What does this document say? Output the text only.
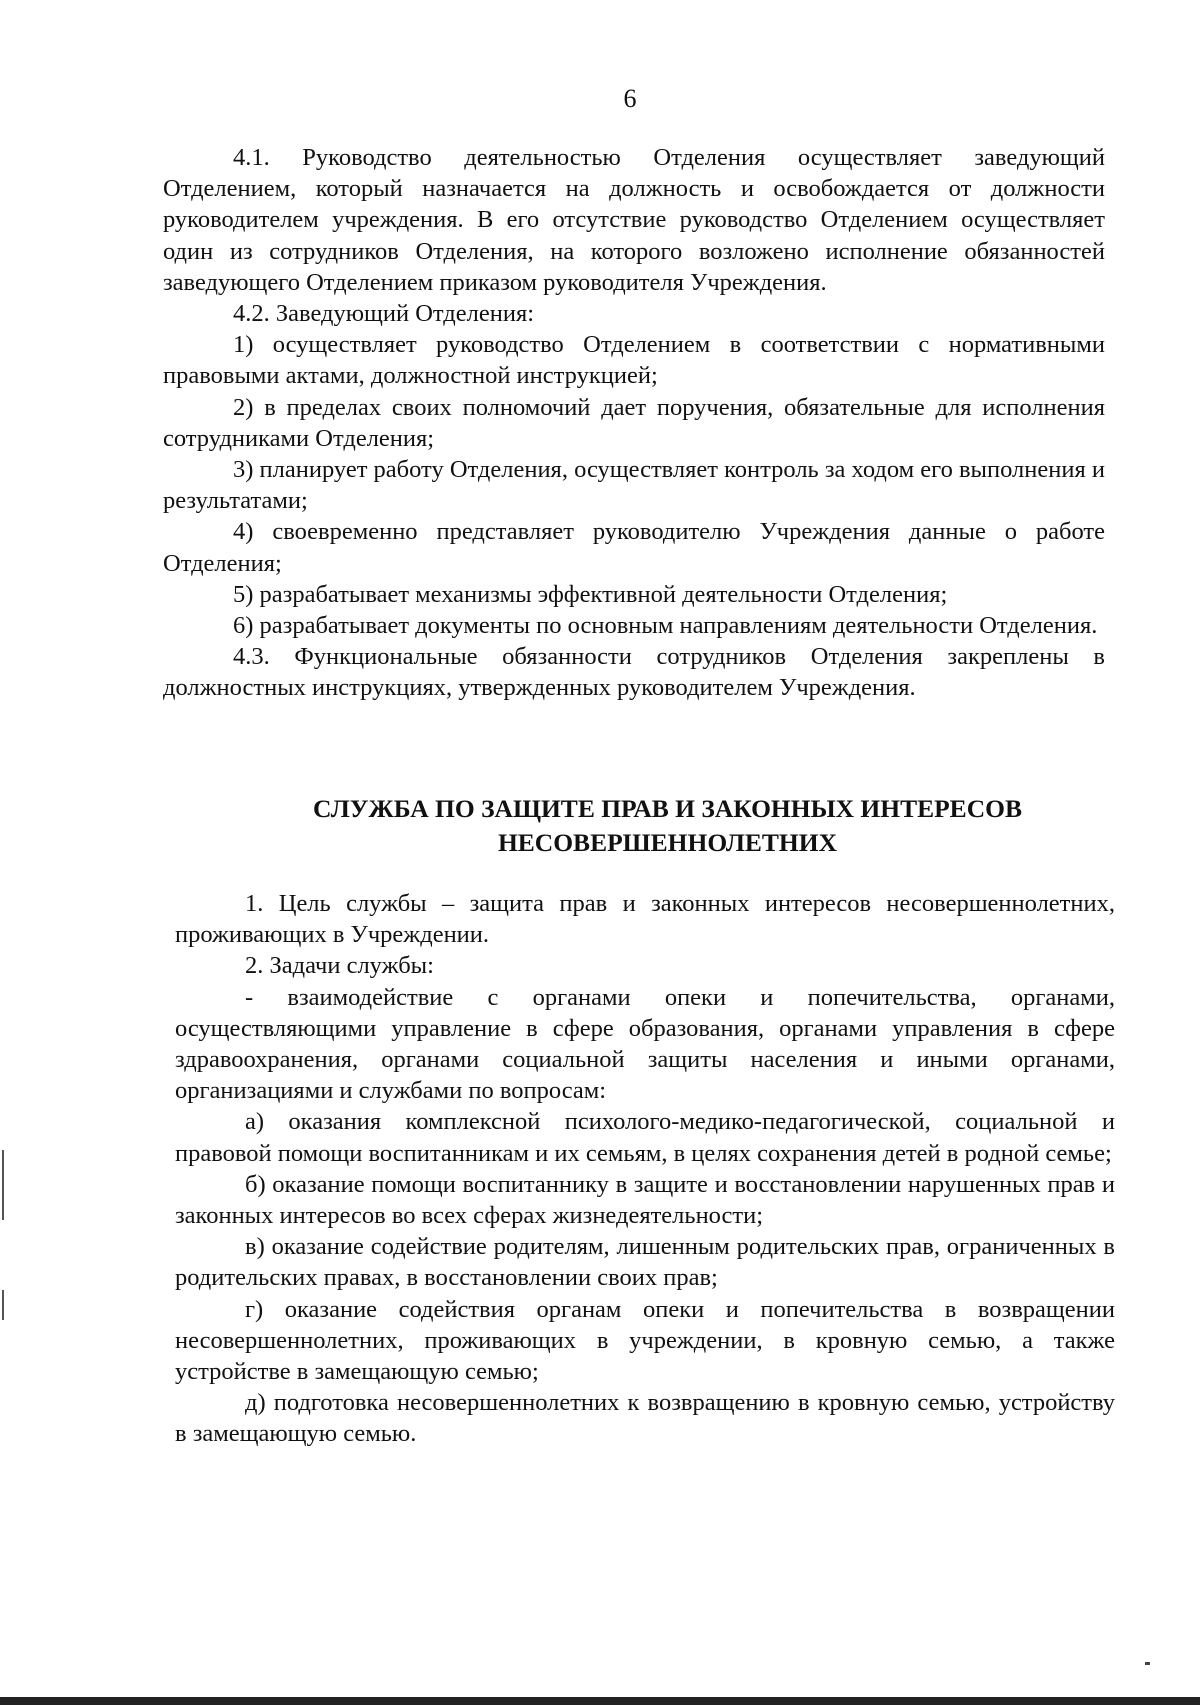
6

4.1. Руководство деятельностью Отделения осуществляет заведующий Отделением, который назначается на должность и освобождается от должности руководителем учреждения. В его отсутствие руководство Отделением осуществляет один из сотрудников Отделения, на которого возложено исполнение обязанностей заведующего Отделением приказом руководителя Учреждения.

4.2. Заведующий Отделения:

1) осуществляет руководство Отделением в соответствии с нормативными правовыми актами, должностной инструкцией;

2) в пределах своих полномочий дает поручения, обязательные для исполнения сотрудниками Отделения;

3) планирует работу Отделения, осуществляет контроль за ходом его выполнения и результатами;

4) своевременно представляет руководителю Учреждения данные о работе Отделения;

5) разрабатывает механизмы эффективной деятельности Отделения;

6) разрабатывает документы по основным направлениям деятельности Отделения.

4.3. Функциональные обязанности сотрудников Отделения закреплены в должностных инструкциях, утвержденных руководителем Учреждения.

СЛУЖБА ПО ЗАЩИТЕ ПРАВ И ЗАКОННЫХ ИНТЕРЕСОВ
НЕСОВЕРШЕННОЛЕТНИХ

1. Цель службы – защита прав и законных интересов несовершеннолетних, проживающих в Учреждении.

2. Задачи службы:

- взаимодействие с органами опеки и попечительства, органами, осуществляющими управление в сфере образования, органами управления в сфере здравоохранения, органами социальной защиты населения и иными органами, организациями и службами по вопросам:

а) оказания комплексной психолого-медико-педагогической, социальной и правовой помощи воспитанникам и их семьям, в целях сохранения детей в родной семье;

б) оказание помощи воспитаннику в защите и восстановлении нарушенных прав и законных интересов во всех сферах жизнедеятельности;

в) оказание содействие родителям, лишенным родительских прав, ограниченных в родительских правах, в восстановлении своих прав;

г) оказание содействия органам опеки и попечительства в возвращении несовершеннолетних, проживающих в учреждении, в кровную семью, а также устройстве в замещающую семью;

д) подготовка несовершеннолетних к возвращению в кровную семью, устройству в замещающую семью.
